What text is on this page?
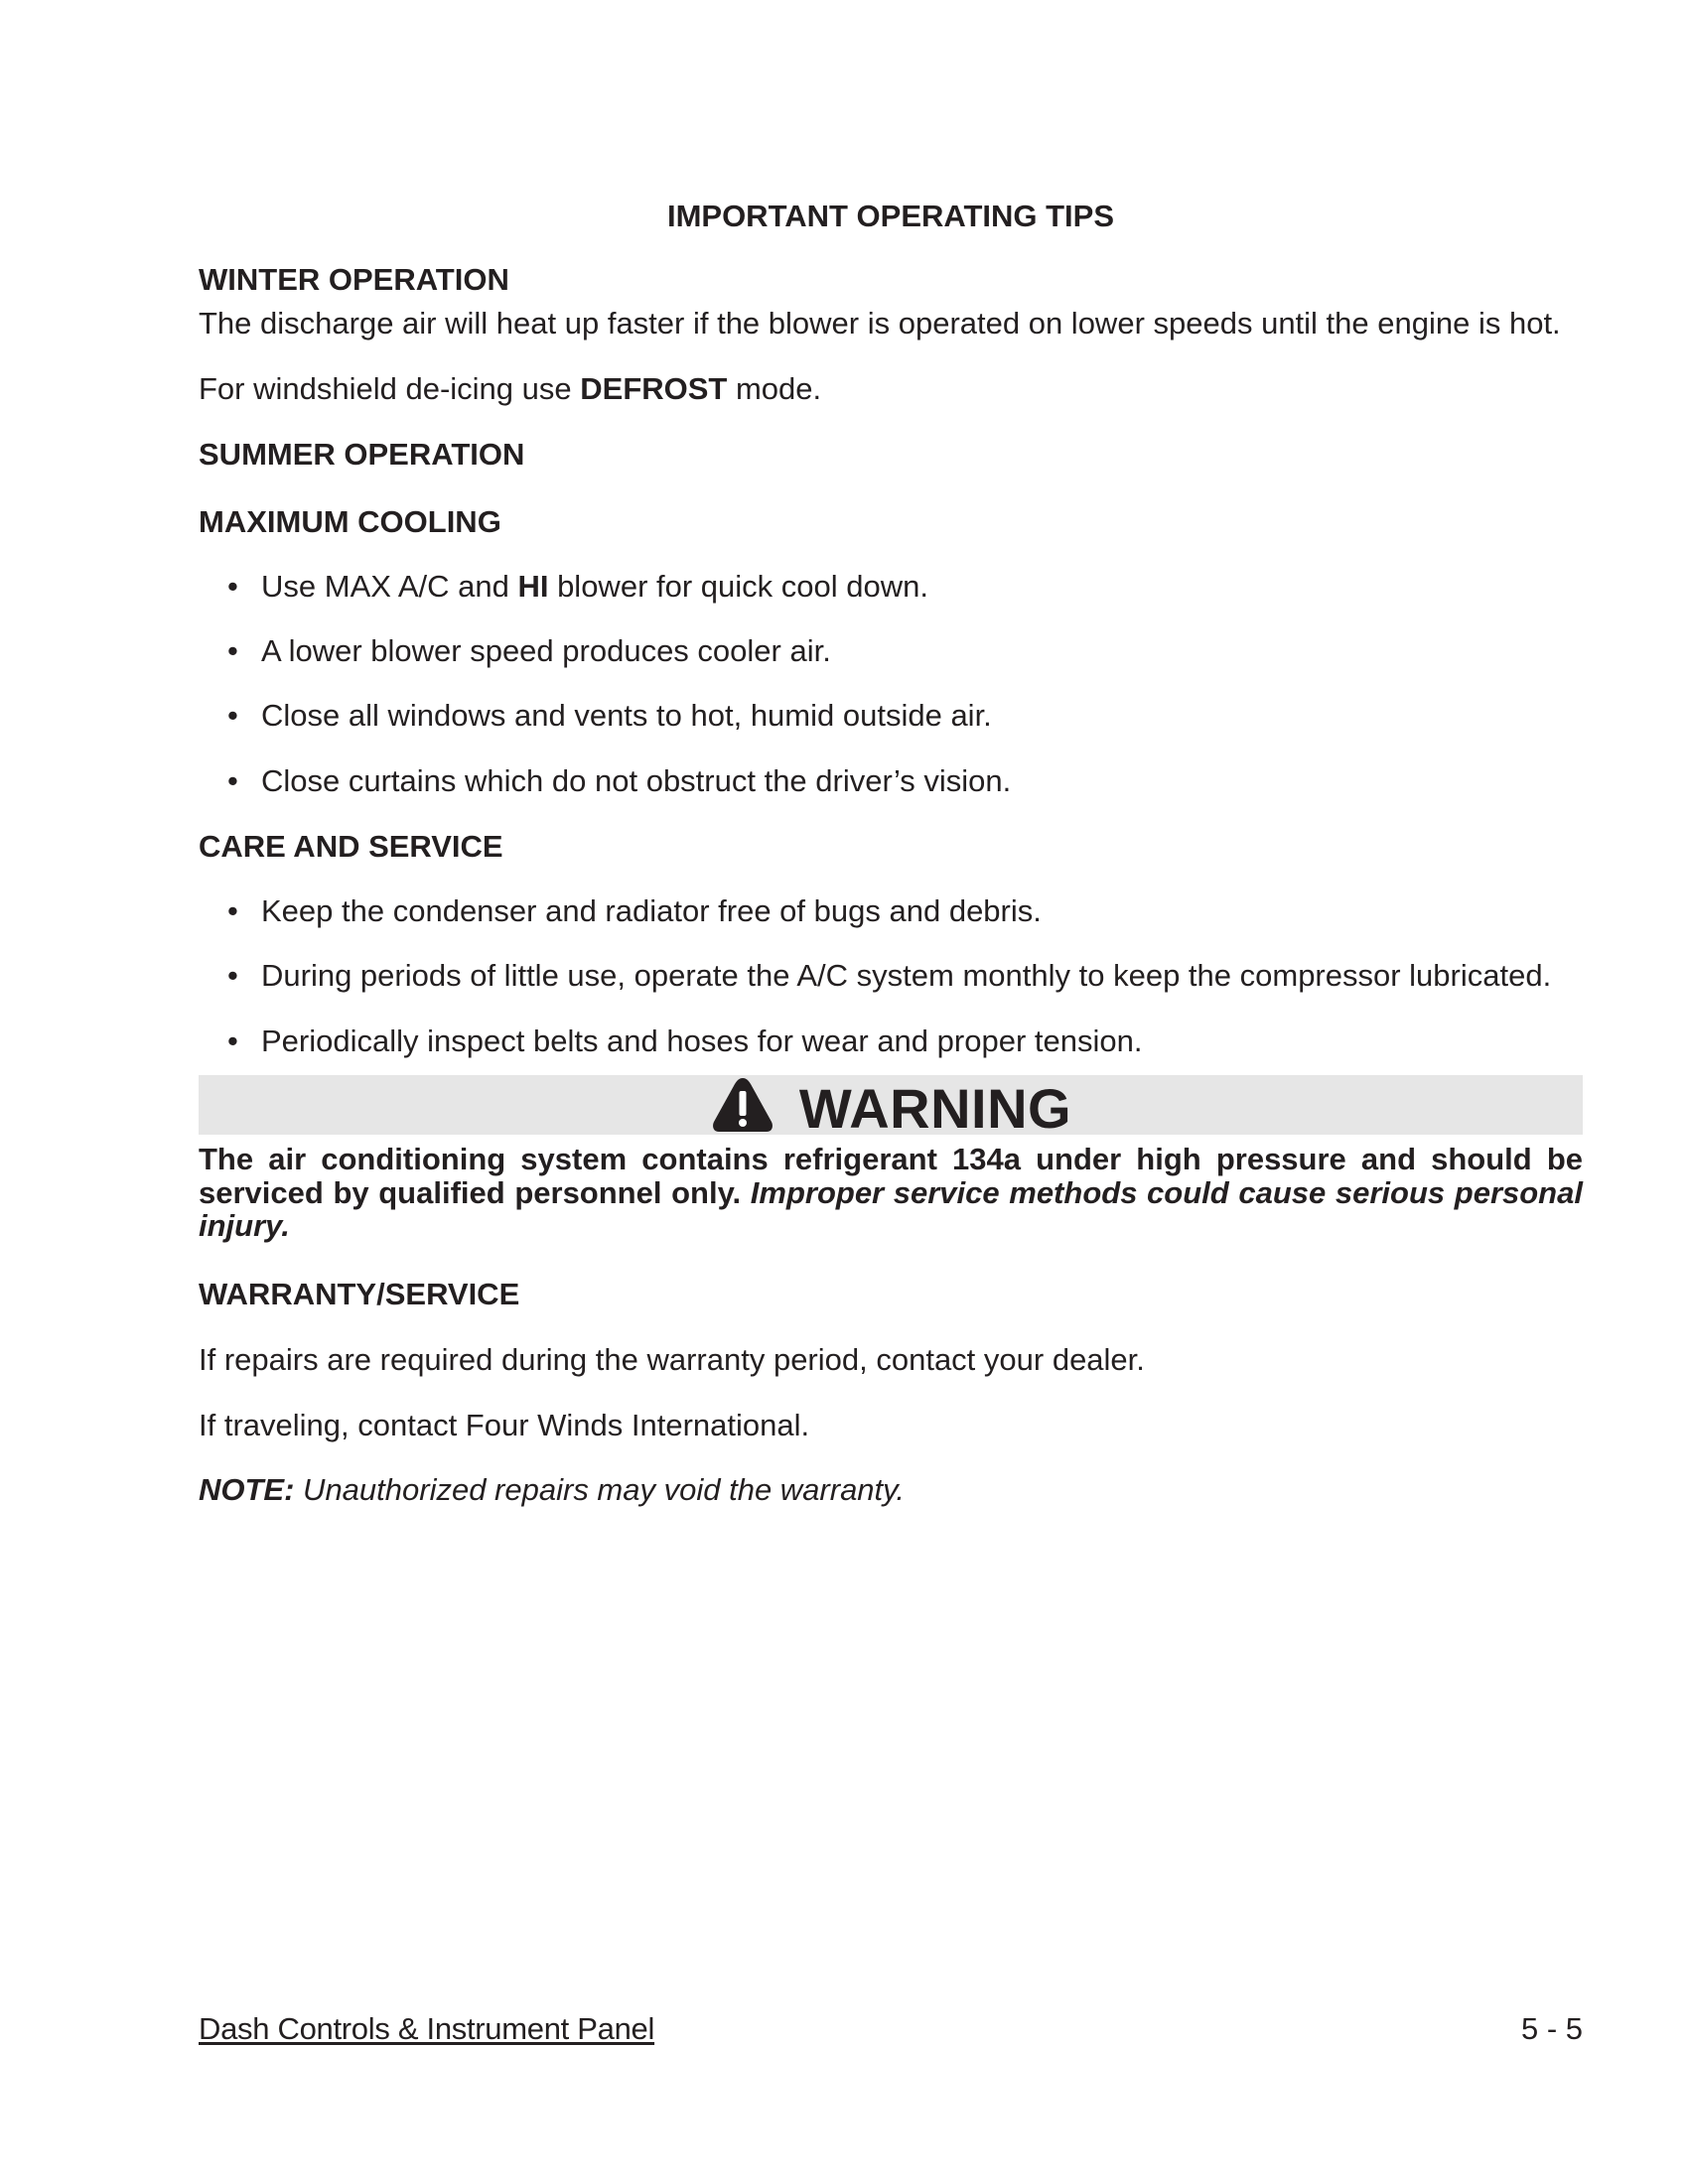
IMPORTANT OPERATING TIPS
WINTER OPERATION
The discharge air will heat up faster if the blower is operated on lower speeds until the engine is hot.
For windshield de-icing use DEFROST mode.
SUMMER OPERATION
MAXIMUM COOLING
• Use MAX A/C and HI blower for quick cool down.
• A lower blower speed produces cooler air.
• Close all windows and vents to hot, humid outside air.
• Close curtains which do not obstruct the driver’s vision.
CARE AND SERVICE
• Keep the condenser and radiator free of bugs and debris.
• During periods of little use, operate the A/C system monthly to keep the compressor lubricated.
• Periodically inspect belts and hoses for wear and proper tension.
WARNING
The air conditioning system contains refrigerant 134a under high pressure and should be serviced by qualified personnel only. Improper service methods could cause serious personal injury.
WARRANTY/SERVICE
If repairs are required during the warranty period, contact your dealer.
If traveling, contact Four Winds International.
NOTE: Unauthorized repairs may void the warranty.
Dash Controls & Instrument Panel	5 - 5
